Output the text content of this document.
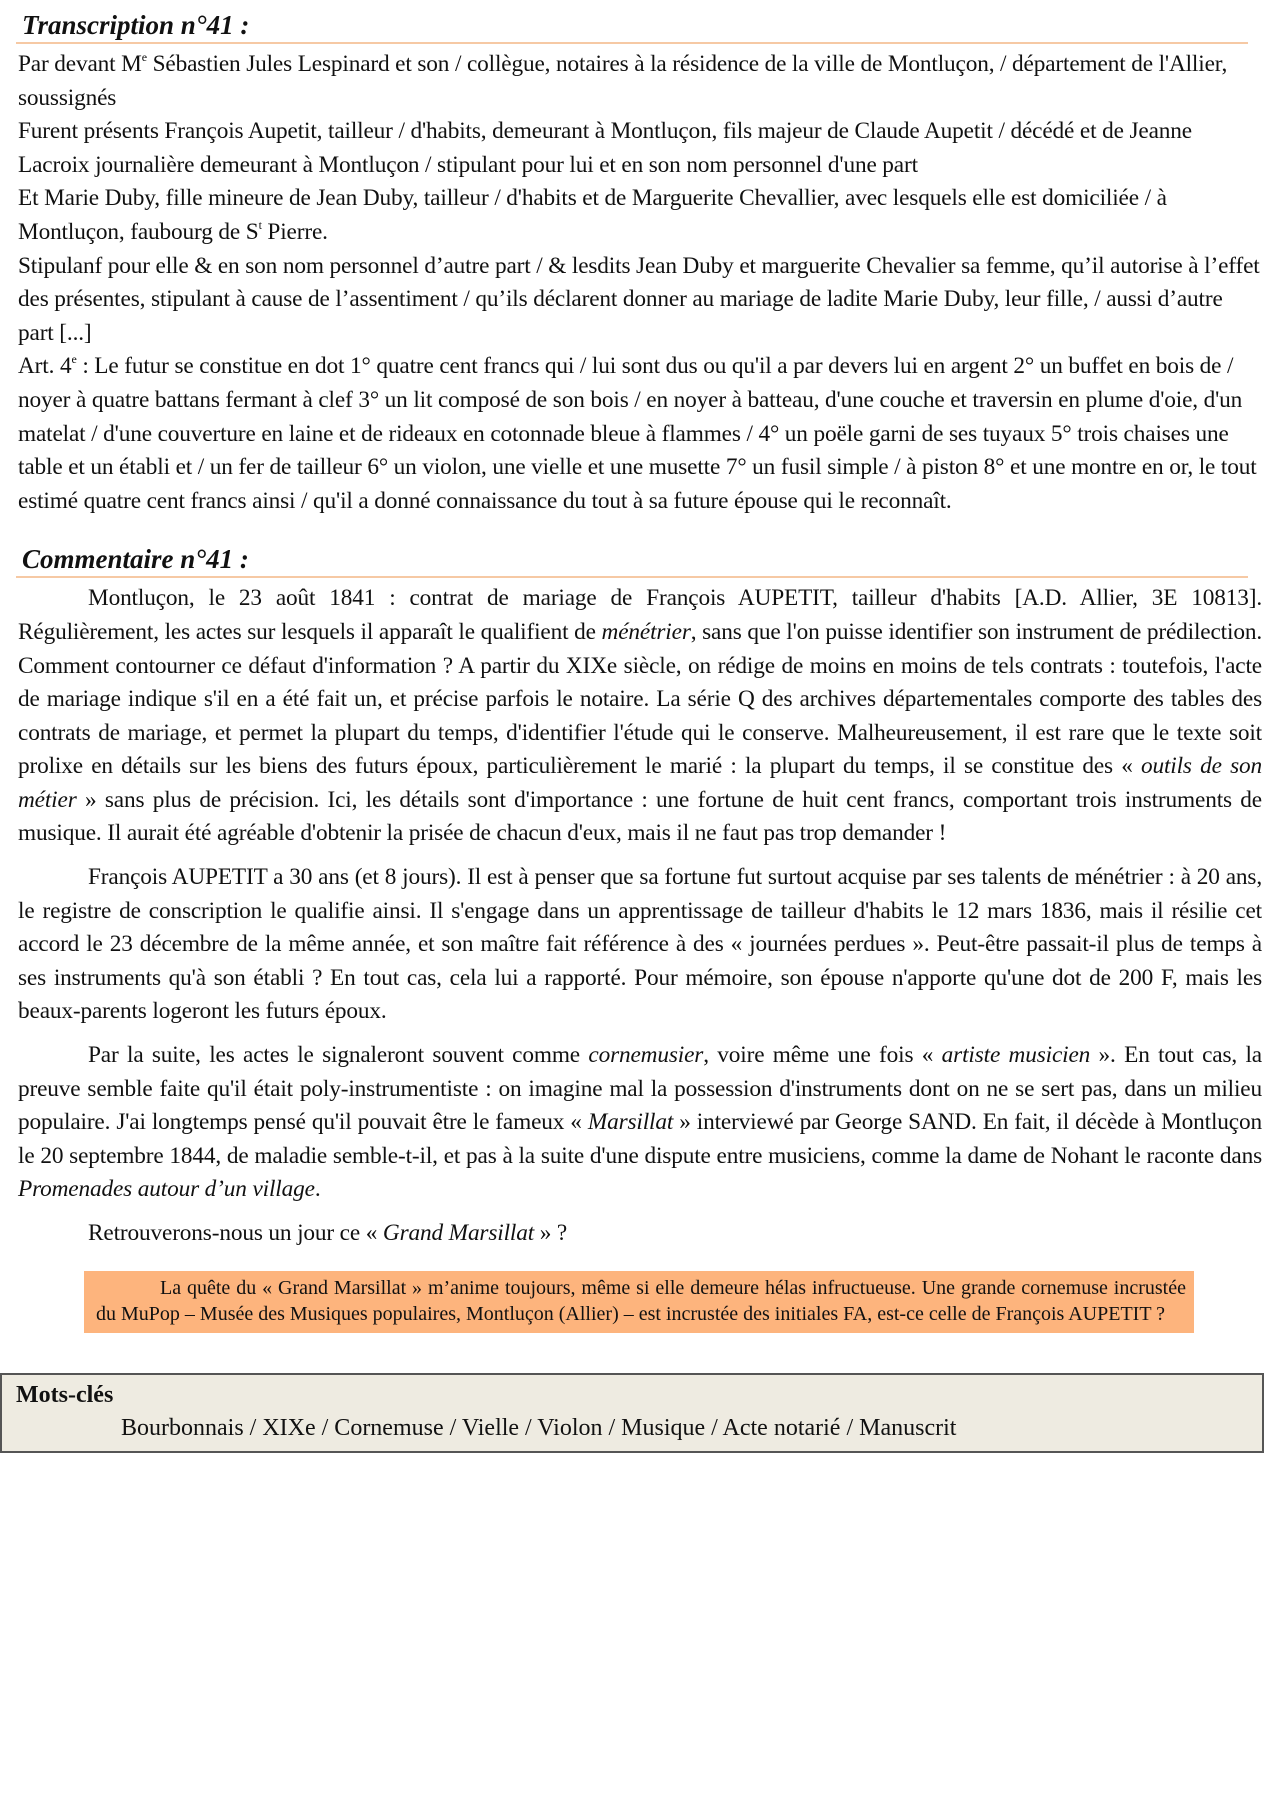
Transcription n°41 :

Par devant Me Sébastien Jules Lespinard et son / collègue, notaires à la résidence de la ville de Montluçon, / département de l'Allier, soussignés

Furent présents François Aupetit, tailleur / d'habits, demeurant à Montluçon, fils majeur de Claude Aupetit / décédé et de Jeanne Lacroix journalière demeurant à Montluçon / stipulant pour lui et en son nom personnel d'une part

Et Marie Duby, fille mineure de Jean Duby, tailleur / d'habits et de Marguerite Chevallier, avec lesquels elle est domiciliée / à Montluçon, faubourg de $S^t$ Pierre.

Stipulanf pour elle & en son nom personnel d’autre part / & lesdits Jean Duby et marguerite Chevalier sa femme, qu’il autorise à l’effet des présentes, stipulant à cause de l’assentiment / qu’ils déclarent donner au mariage de ladite Marie Duby, leur fille, / aussi d’autre part [...]

Art. 4e : Le futur se constitue en dot 1° quatre cent francs qui / lui sont dus ou qu'il a par devers lui en argent 2° un buffet en bois de / noyer à quatre battans fermant à clef 3° un lit composé de son bois / en noyer à batteau, d'une couche et traversin en plume d'oie, d'un matelat / d'une couverture en laine et de rideaux en cotonnade bleue à flammes / 4° un poële garni de ses tuyaux 5° trois chaises une table et un établi et / un fer de tailleur 6° un violon, une vielle et une musette 7° un fusil simple / à piston 8° et une montre en or, le tout estimé quatre cent francs ainsi / qu'il a donné connaissance du tout à sa future épouse qui le reconnaît.

Commentaire n°41 :

Montluçon, le 23 août 1841 : contrat de mariage de François AUPETIT, tailleur d'habits [A.D. Allier, 3E 10813]. Régulièrement, les actes sur lesquels il apparaît le qualifient de ménétrier, sans que l'on puisse identifier son instrument de prédilection. Comment contourner ce défaut d'information ? A partir du XIXe siècle, on rédige de moins en moins de tels contrats : toutefois, l'acte de mariage indique s'il en a été fait un, et précise parfois le notaire. La série Q des archives départementales comporte des tables des contrats de mariage, et permet la plupart du temps, d'identifier l'étude qui le conserve. Malheureusement, il est rare que le texte soit prolixe en détails sur les biens des futurs époux, particulièrement le marié : la plupart du temps, il se constitue des « outils de son métier » sans plus de précision. Ici, les détails sont d'importance : une fortune de huit cent francs, comportant trois instruments de musique. Il aurait été agréable d'obtenir la prisée de chacun d'eux, mais il ne faut pas trop demander !

François AUPETIT a 30 ans (et 8 jours). Il est à penser que sa fortune fut surtout acquise par ses talents de ménétrier : à 20 ans, le registre de conscription le qualifie ainsi. Il s'engage dans un apprentissage de tailleur d'habits le 12 mars 1836, mais il résilie cet accord le 23 décembre de la même année, et son maître fait référence à des « journées perdues ». Peut-être passait-il plus de temps à ses instruments qu'à son établi ? En tout cas, cela lui a rapporté. Pour mémoire, son épouse n'apporte qu'une dot de 200 F, mais les beaux-parents logeront les futurs époux.

Par la suite, les actes le signaleront souvent comme cornemusier, voire même une fois « artiste musicien ». En tout cas, la preuve semble faite qu'il était poly-instrumentiste : on imagine mal la possession d'instruments dont on ne se sert pas, dans un milieu populaire. J'ai longtemps pensé qu'il pouvait être le fameux « Marsillat » interviewé par George SAND. En fait, il décède à Montluçon le 20 septembre 1844, de maladie semble-t-il, et pas à la suite d'une dispute entre musiciens, comme la dame de Nohant le raconte dans Promenades autour d’un village.

Retrouverons-nous un jour ce « Grand Marsillat » ?

La quête du « Grand Marsillat » m’anime toujours, même si elle demeure hélas infructueuse. Une grande cornemuse incrustée du MuPop – Musée des Musiques populaires, Montluçon (Allier) – est incrustée des initiales FA, est-ce celle de François AUPETIT ?
Mots-clés
Bourbonnais / XIXe / Cornemuse / Vielle / Violon / Musique / Acte notarié / Manuscrit
